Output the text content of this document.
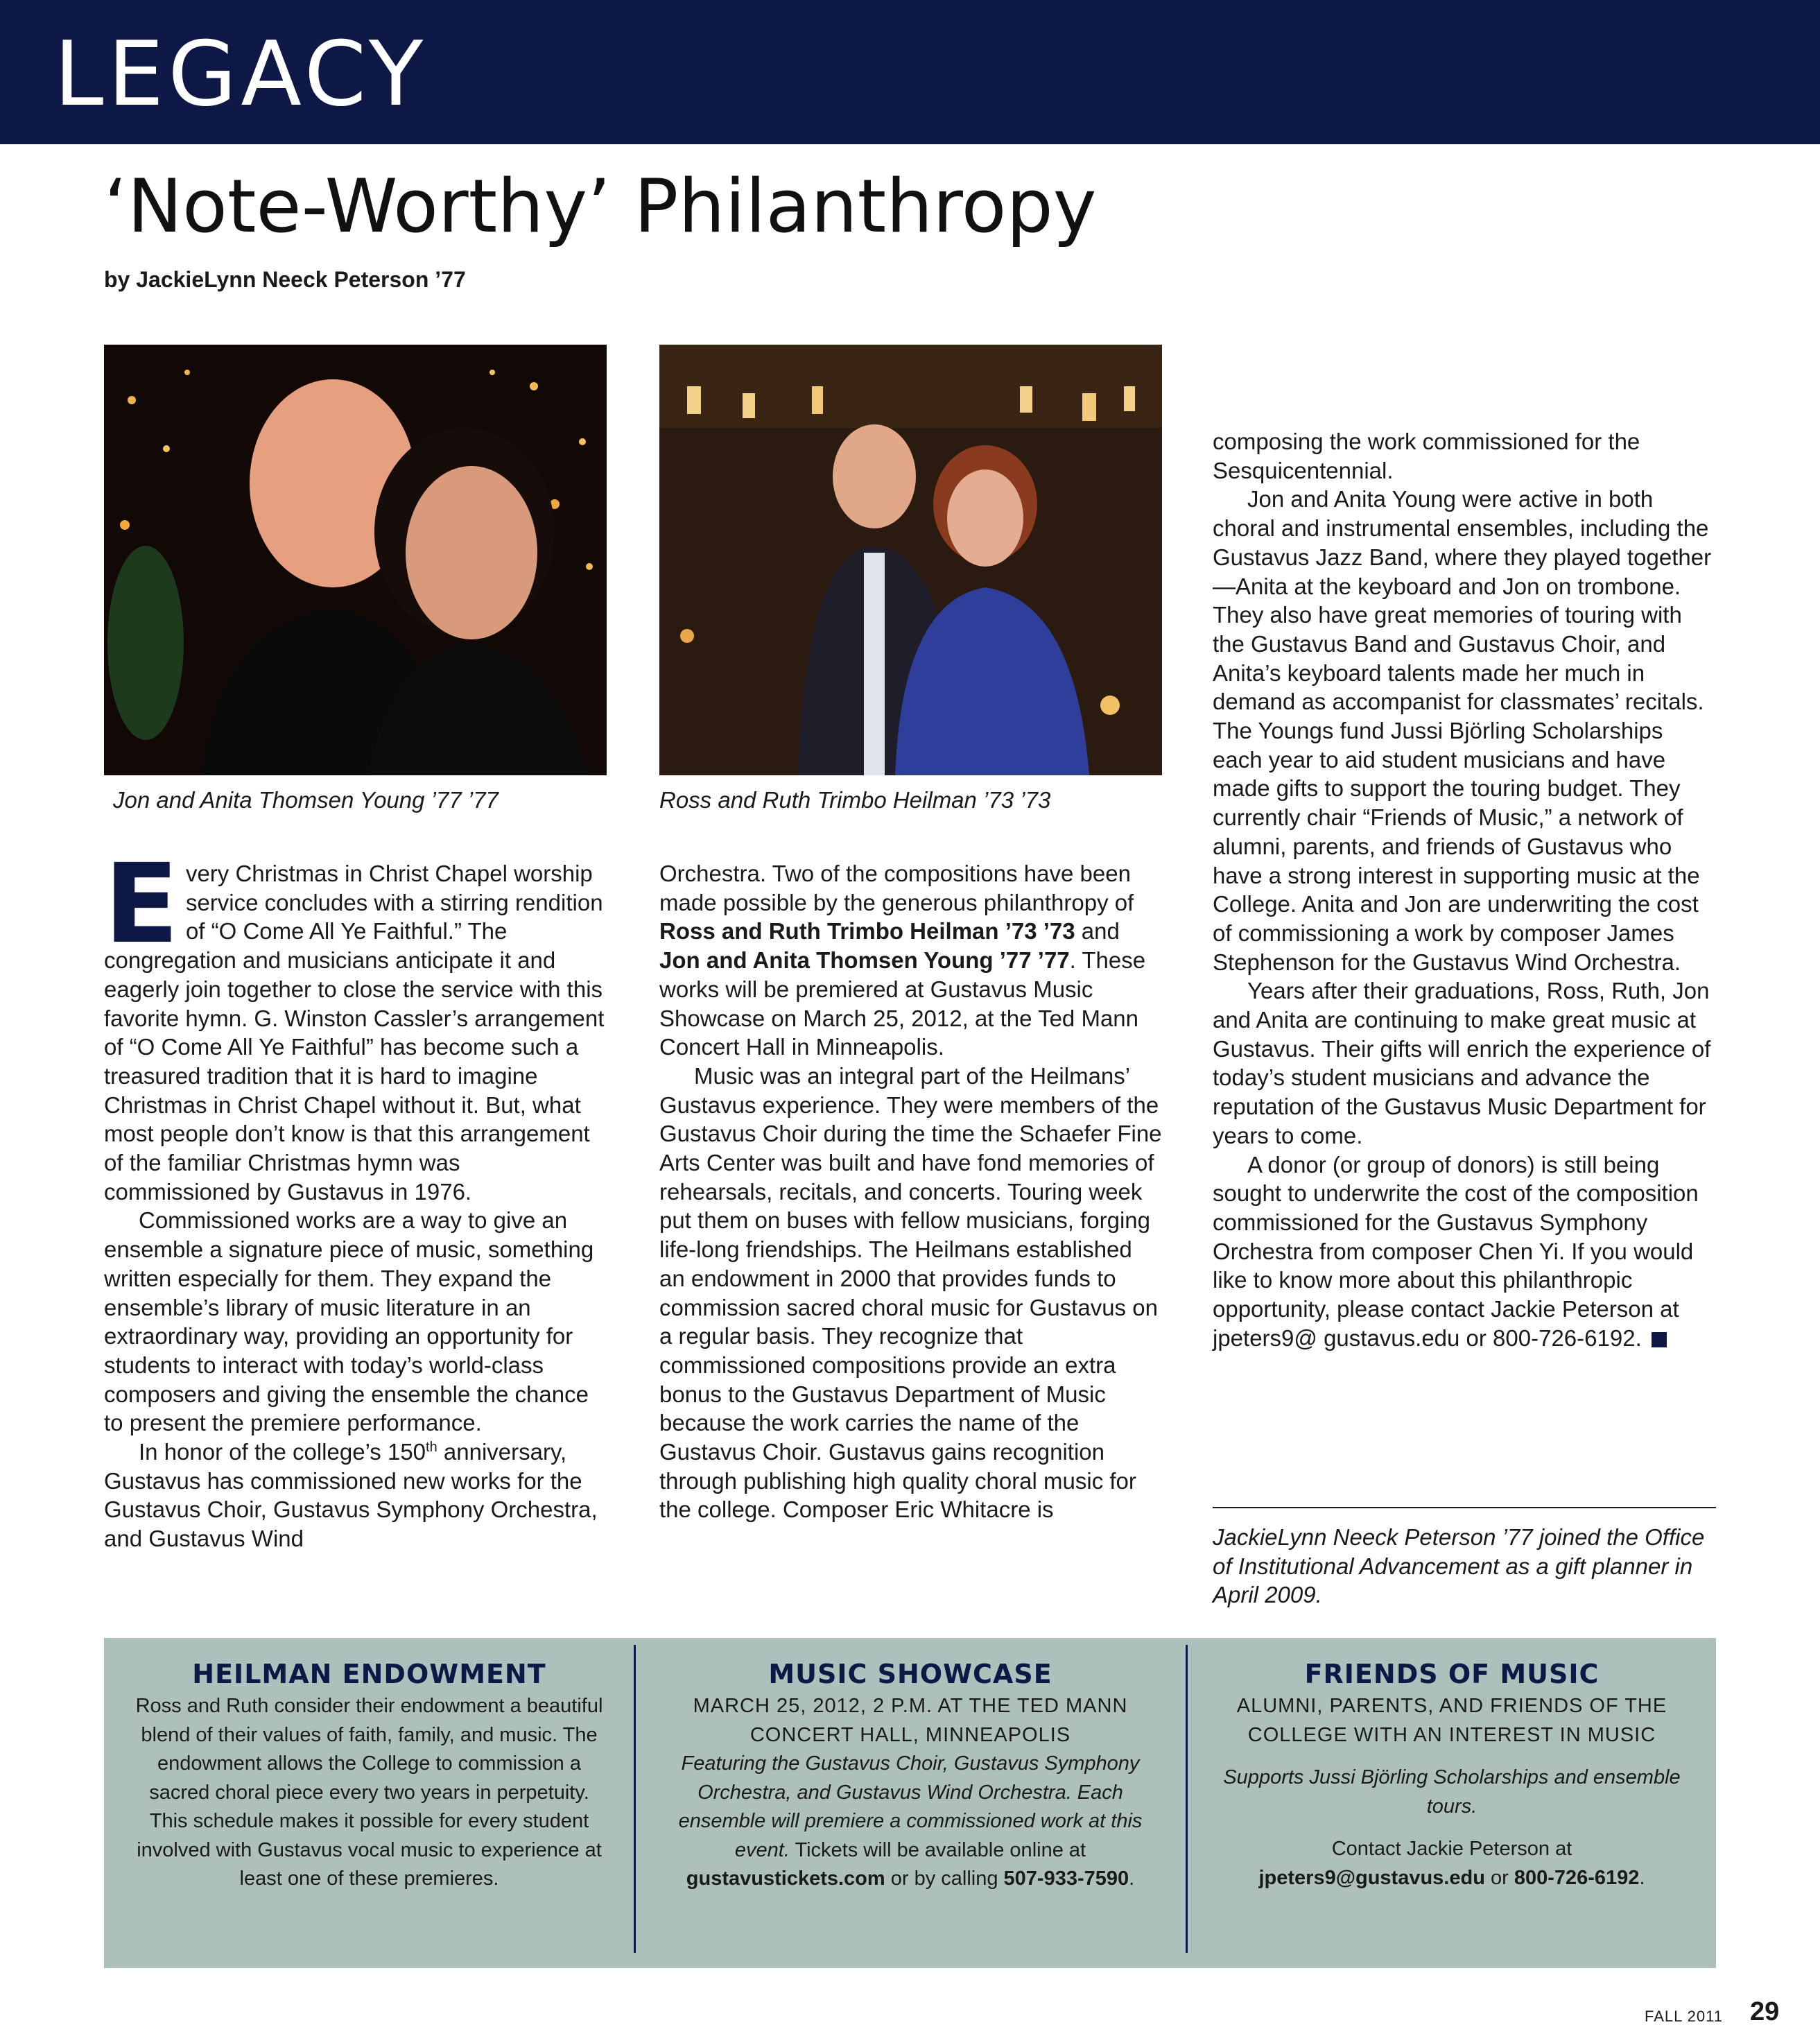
LEGACY
‘Note-Worthy’ Philanthropy
by JackieLynn Neeck Peterson ’77
Jon and Anita Thomsen Young ’77 ’77	Ross and Ruth Trimbo Heilman ’73 ’73

Every Christmas in Christ Chapel worship service concludes with a stirring rendition of “O Come All Ye Faithful.” The congregation and musicians anticipate it and eagerly join together to close the service with this favorite hymn. G. Winston Cassler’s arrangement of “O Come All Ye Faithful” has become such a treasured tradition that it is hard to imagine Christmas in Christ Chapel without it. But, what most people don’t know is that this arrangement of the familiar Christmas hymn was commissioned by Gustavus in 1976.

Commissioned works are a way to give an ensemble a signature piece of music, something written especially for them. They expand the ensemble’s library of music literature in an extraordinary way, providing an opportunity for students to interact with today’s world-class composers and giving the ensemble the chance to present the premiere performance.

In honor of the college’s 150th anniversary, Gustavus has commissioned new works for the Gustavus Choir, Gustavus Symphony Orchestra, and Gustavus Wind

Orchestra. Two of the compositions have been made possible by the generous philanthropy of Ross and Ruth Trimbo Heilman ’73 ’73 and Jon and Anita Thomsen Young ’77 ’77. These works will be premiered at Gustavus Music Showcase on March 25, 2012, at the Ted Mann Concert Hall in Minneapolis.

Music was an integral part of the Heilmans’ Gustavus experience. They were members of the Gustavus Choir during the time the Schaefer Fine Arts Center was built and have fond memories of rehearsals, recitals, and concerts. Touring week put them on buses with fellow musicians, forging life-long friendships. The Heilmans established an endowment in 2000 that provides funds to commission sacred choral music for Gustavus on a regular basis. They recognize that commissioned compositions provide an extra bonus to the Gustavus Department of Music because the work carries the name of the Gustavus Choir. Gustavus gains recognition through publishing high quality choral music for the college. Composer Eric Whitacre is

composing the work commissioned for the Sesquicentennial.

Jon and Anita Young were active in both choral and instrumental ensembles, including the Gustavus Jazz Band, where they played together—Anita at the keyboard and Jon on trombone. They also have great memories of touring with the Gustavus Band and Gustavus Choir, and Anita’s keyboard talents made her much in demand as accompanist for classmates’ recitals. The Youngs fund Jussi Björling Scholarships each year to aid student musicians and have made gifts to support the touring budget. They currently chair “Friends of Music,” a network of alumni, parents, and friends of Gustavus who have a strong interest in supporting music at the College. Anita and Jon are underwriting the cost of commissioning a work by composer James Stephenson for the Gustavus Wind Orchestra.

Years after their graduations, Ross, Ruth, Jon and Anita are continuing to make great music at Gustavus. Their gifts will enrich the experience of today’s student musicians and advance the reputation of the Gustavus Music Department for years to come.

A donor (or group of donors) is still being sought to underwrite the cost of the composition commissioned for the Gustavus Symphony Orchestra from composer Chen Yi. If you would like to know more about this philanthropic opportunity, please contact Jackie Peterson at jpeters9@ gustavus.edu or 800-726-6192.

JackieLynn Neeck Peterson ’77 joined the Office of Institutional Advancement as a gift planner in April 2009.
HEILMAN ENDOWMENT

Ross and Ruth consider their endowment a beautiful blend of their values of faith, family, and music. The endowment allows the College to commission a sacred choral piece every two years in perpetuity. This schedule makes it possible for every student involved with Gustavus vocal music to experience at least one of these premieres.

MUSIC SHOWCASE

MARCH 25, 2012, 2 P.M. AT THE TED MANN CONCERT HALL, MINNEAPOLIS

Featuring the Gustavus Choir, Gustavus Symphony Orchestra, and Gustavus Wind Orchestra. Each ensemble will premiere a commissioned work at this event. Tickets will be available online at gustavustickets.com or by calling 507-933-7590.

FRIENDS OF MUSIC

ALUMNI, PARENTS, AND FRIENDS OF THE COLLEGE WITH AN INTEREST IN MUSIC

Supports Jussi Björling Scholarships and ensemble tours.

Contact Jackie Peterson at

jpeters9@gustavus.edu or 800-726-6192.

FALL 2011 29
